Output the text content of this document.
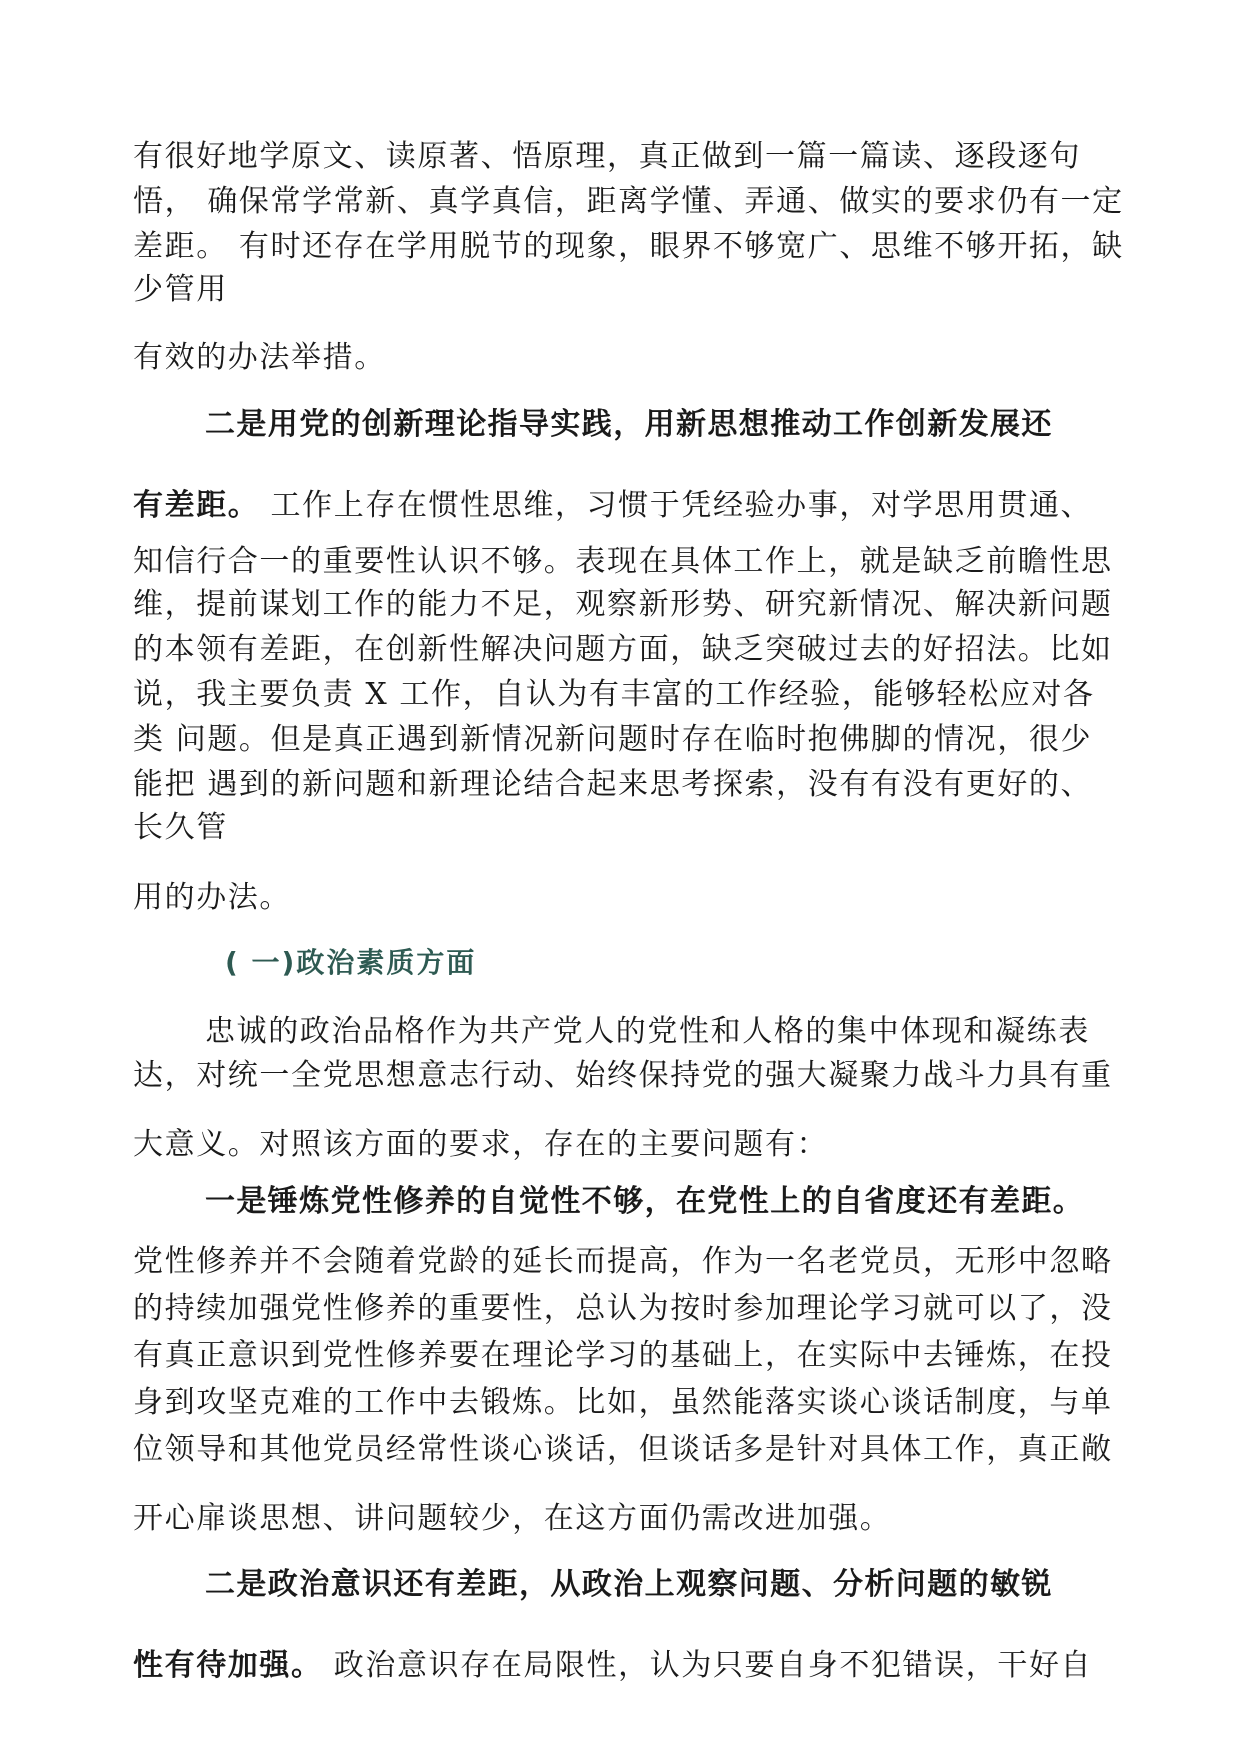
有很好地学原文、读原著、悟原理，真正做到一篇一篇读、逐段逐句
悟， 确保常学常新、真学真信，距离学懂、弄通、做实的要求仍有一定
差距。 有时还存在学用脱节的现象，眼界不够宽广、思维不够开拓，缺
少管用
有效的办法举措。
二是用党的创新理论指导实践，用新思想推动工作创新发展还
有差距。 工作上存在惯性思维，习惯于凭经验办事，对学思用贯通、
知信行合一的重要性认识不够。表现在具体工作上，就是缺乏前瞻性思
维，提前谋划工作的能力不足，观察新形势、研究新情况、解决新问题
的本领有差距，在创新性解决问题方面，缺乏突破过去的好招法。比如
说，我主要负责 X 工作，自认为有丰富的工作经验，能够轻松应对各
类 问题。但是真正遇到新情况新问题时存在临时抱佛脚的情况，很少
能把 遇到的新问题和新理论结合起来思考探索，没有有没有更好的、
长久管
用的办法。
( 一)政治素质方面
忠诚的政治品格作为共产党人的党性和人格的集中体现和凝练表
达，对统一全党思想意志行动、始终保持党的强大凝聚力战斗力具有重
大意义。对照该方面的要求，存在的主要问题有：
一是锤炼党性修养的自觉性不够，在党性上的自省度还有差距。
党性修养并不会随着党龄的延长而提高，作为一名老党员，无形中忽略
的持续加强党性修养的重要性，总认为按时参加理论学习就可以了，没
有真正意识到党性修养要在理论学习的基础上，在实际中去锤炼，在投
身到攻坚克难的工作中去锻炼。比如，虽然能落实谈心谈话制度，与单
位领导和其他党员经常性谈心谈话，但谈话多是针对具体工作，真正敞
开心扉谈思想、讲问题较少，在这方面仍需改进加强。
二是政治意识还有差距，从政治上观察问题、分析问题的敏锐
性有待加强。 政治意识存在局限性，认为只要自身不犯错误，干好自
